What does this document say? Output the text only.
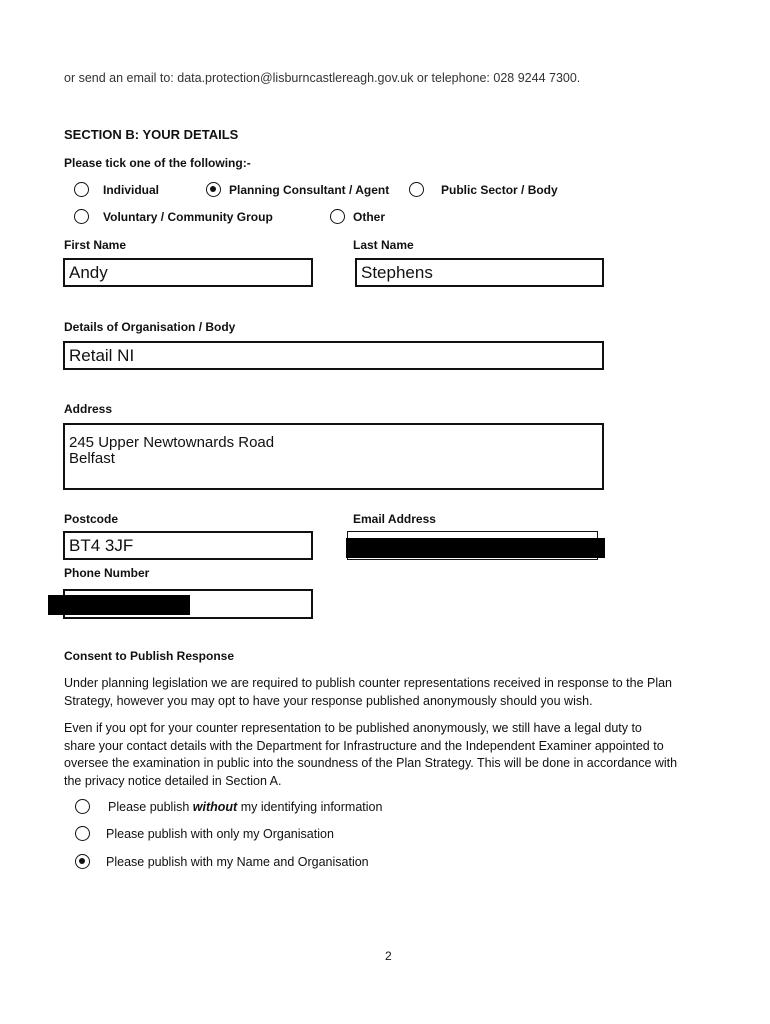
or send an email to: data.protection@lisburncastlereagh.gov.uk or telephone: 028 9244 7300.
SECTION B: YOUR DETAILS
Please tick one of the following:-
Individual	Planning Consultant / Agent	Public Sector / Body
Voluntary / Community Group	Other
First Name	Last Name
Andy	Stephens
Details of Organisation / Body
Retail NI
Address
245 Upper Newtownards Road
Belfast
Postcode	Email Address
BT4 3JF
Phone Number
Consent to Publish Response
Under planning legislation we are required to publish counter representations received in response to the Plan
Strategy, however you may opt to have your response published anonymously should you wish.
Even if you opt for your counter representation to be published anonymously, we still have a legal duty to
share your contact details with the Department for Infrastructure and the Independent Examiner appointed to
oversee the examination in public into the soundness of the Plan Strategy. This will be done in accordance with
the privacy notice detailed in Section A.
Please publish without my identifying information
Please publish with only my Organisation
Please publish with my Name and Organisation
2
